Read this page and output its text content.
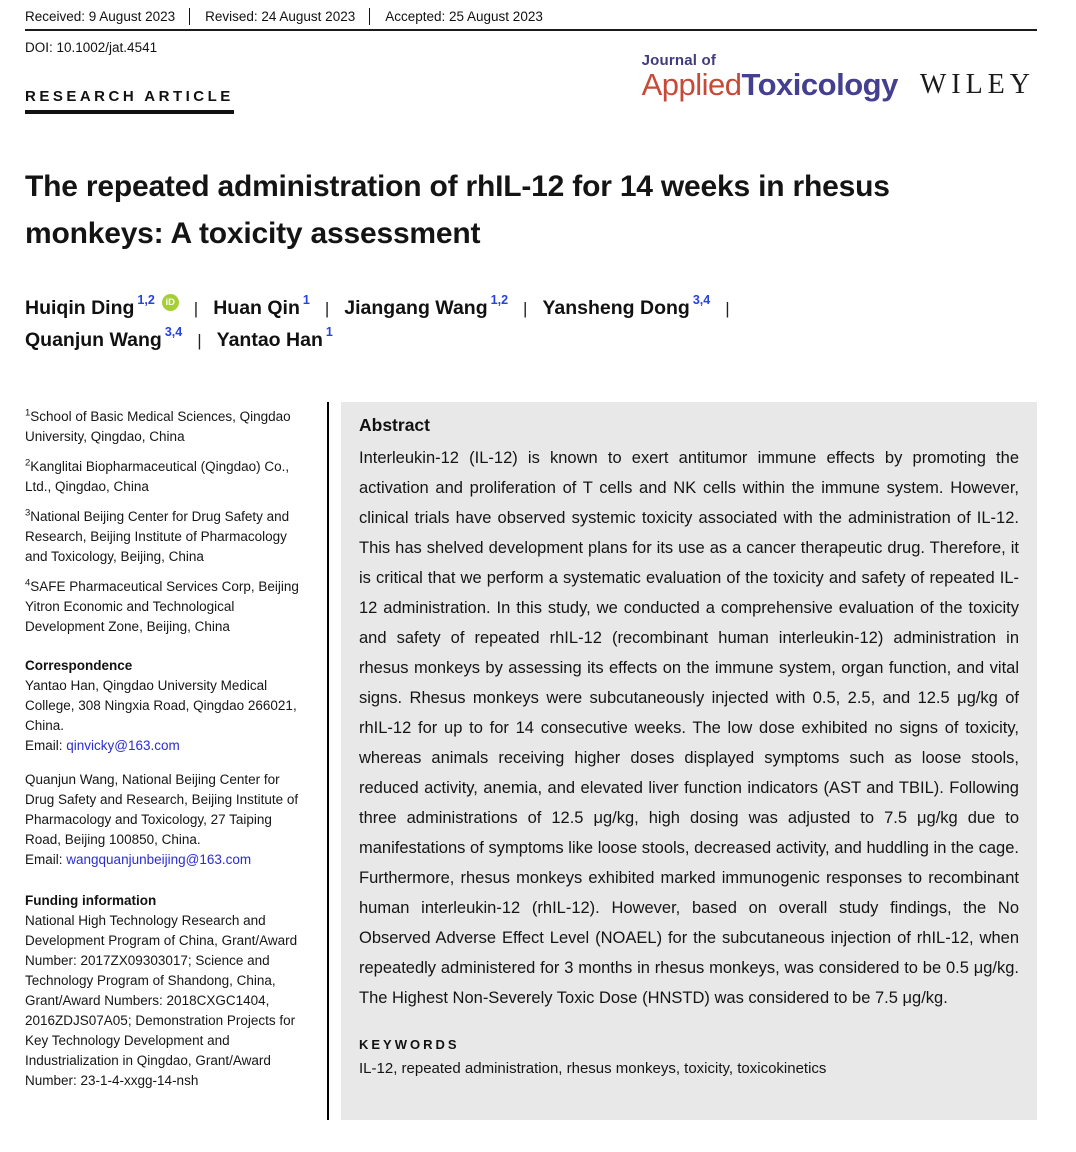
Received: 9 August 2023	Revised: 24 August 2023	Accepted: 25 August 2023
DOI: 10.1002/jat.4541
Journal of
AppliedToxicology WILEY
RESEARCH ARTICLE
The repeated administration of rhIL-12 for 14 weeks in rhesus monkeys: A toxicity assessment
Huiqin Ding 1,2	iD | Huan Qin 1 | Jiangang Wang 1,2 | Yansheng Dong 3,4 |
Quanjun Wang 3,4 | Yantao Han 1
$^1$School of Basic Medical Sciences, Qingdao University, Qingdao, China
$^2$Kanglitai Biopharmaceutical (Qingdao) Co., Ltd., Qingdao, China
$^3$National Beijing Center for Drug Safety and Research, Beijing Institute of Pharmacology and Toxicology, Beijing, China
$^4$SAFE Pharmaceutical Services Corp, Beijing Yitron Economic and Technological Development Zone, Beijing, China
Correspondence

Yantao Han, Qingdao University Medical College, 308 Ningxia Road, Qingdao 266021, China.
Email: qinvicky@163.com

Quanjun Wang, National Beijing Center for Drug Safety and Research, Beijing Institute of Pharmacology and Toxicology, 27 Taiping Road, Beijing 100850, China.
Email: wangquanjunbeijing@163.com

Funding information

National High Technology Research and Development Program of China, Grant/Award Number: 2017ZX09303017; Science and Technology Program of Shandong, China, Grant/Award Numbers: 2018CXGC1404, 2016ZDJS07A05; Demonstration Projects for Key Technology Development and Industrialization in Qingdao, Grant/Award Number: 23-1-4-xxgg-14-nsh

Abstract
Interleukin-12 (IL-12) is known to exert antitumor immune effects by promoting the activation and proliferation of T cells and NK cells within the immune system. However, clinical trials have observed systemic toxicity associated with the administration of IL-12. This has shelved development plans for its use as a cancer therapeutic drug. Therefore, it is critical that we perform a systematic evaluation of the toxicity and safety of repeated IL-12 administration. In this study, we conducted a comprehensive evaluation of the toxicity and safety of repeated rhIL-12 (recombinant human interleukin-12) administration in rhesus monkeys by assessing its effects on the immune system, organ function, and vital signs. Rhesus monkeys were subcutaneously injected with 0.5, 2.5, and 12.5 μg/kg of rhIL-12 for up to for 14 consecutive weeks. The low dose exhibited no signs of toxicity, whereas animals receiving higher doses displayed symptoms such as loose stools, reduced activity, anemia, and elevated liver function indicators (AST and TBIL). Following three administrations of 12.5 μg/kg, high dosing was adjusted to 7.5 μg/kg due to manifestations of symptoms like loose stools, decreased activity, and huddling in the cage. Furthermore, rhesus monkeys exhibited marked immunogenic responses to recombinant human interleukin-12 (rhIL-12). However, based on overall study findings, the No Observed Adverse Effect Level (NOAEL) for the subcutaneous injection of rhIL-12, when repeatedly administered for 3 months in rhesus monkeys, was considered to be 0.5 μg/kg. The Highest Non-Severely Toxic Dose (HNSTD) was considered to be 7.5 μg/kg.
KEYWORDS
IL-12, repeated administration, rhesus monkeys, toxicity, toxicokinetics
